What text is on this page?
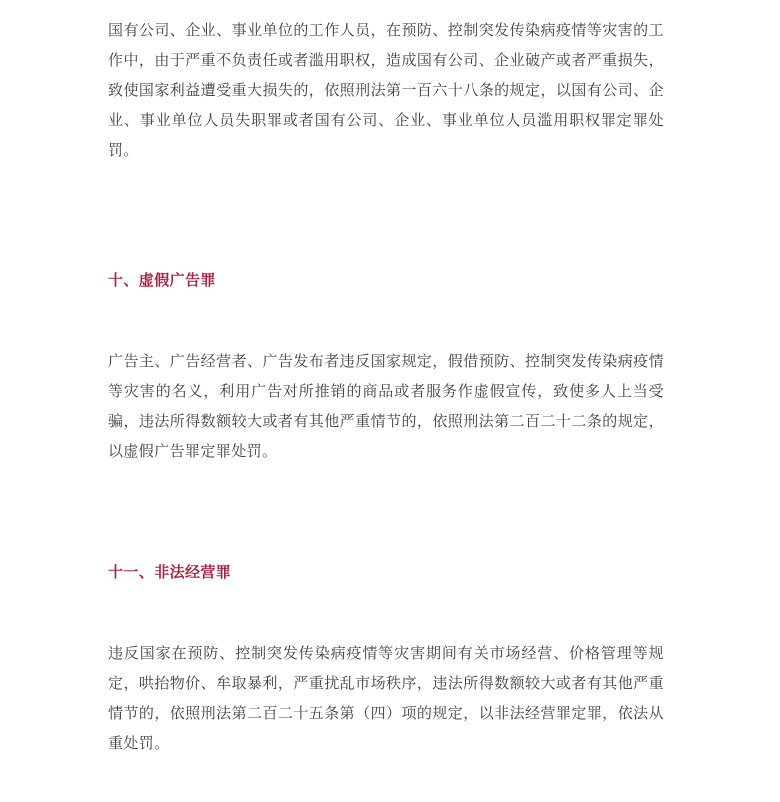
国有公司、企业、事业单位的工作人员，在预防、控制突发传染病疫情等灾害的工作中，由于严重不负责任或者滥用职权，造成国有公司、企业破产或者严重损失，致使国家利益遭受重大损失的，依照刑法第一百六十八条的规定，以国有公司、企业、事业单位人员失职罪或者国有公司、企业、事业单位人员滥用职权罪定罪处罚。

十、虚假广告罪

广告主、广告经营者、广告发布者违反国家规定，假借预防、控制突发传染病疫情等灾害的名义，利用广告对所推销的商品或者服务作虚假宣传，致使多人上当受骗，违法所得数额较大或者有其他严重情节的，依照刑法第二百二十二条的规定，以虚假广告罪定罪处罚。

十一、非法经营罪

违反国家在预防、控制突发传染病疫情等灾害期间有关市场经营、价格管理等规定，哄抬物价、牟取暴利，严重扰乱市场秩序，违法所得数额较大或者有其他严重情节的，依照刑法第二百二十五条第（四）项的规定，以非法经营罪定罪，依法从重处罚。
